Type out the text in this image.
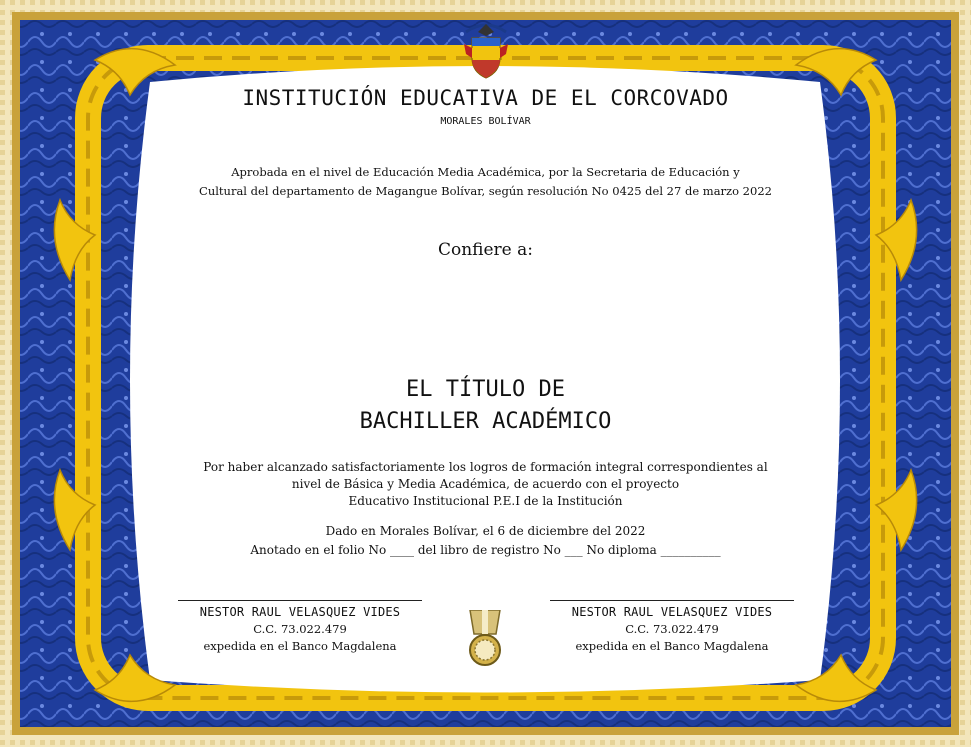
INSTITUCIÓN EDUCATIVA DE EL CORCOVADO
MORALES BOLÍVAR
Aprobada en el nivel de Educación Media Académica, por la Secretaria de Educación y
Cultural del departamento de Magangue Bolívar, según resolución No 0425 del 27 de marzo 2022
Confiere a:
EL TÍTULO DE
BACHILLER ACADÉMICO
Por haber alcanzado satisfactoriamente los logros de formación integral correspondientes al
nivel de Básica y Media Académica, de acuerdo con el proyecto
Educativo Institucional P.E.I de la Institución
Dado en Morales Bolívar, el 6 de diciembre del 2022
Anotado en el folio No ____ del libro de registro No ___ No diploma __________
NESTOR RAUL VELASQUEZ VIDES
C.C. 73.022.479
expedida en el Banco Magdalena
NESTOR RAUL VELASQUEZ VIDES
C.C. 73.022.479
expedida en el Banco Magdalena
